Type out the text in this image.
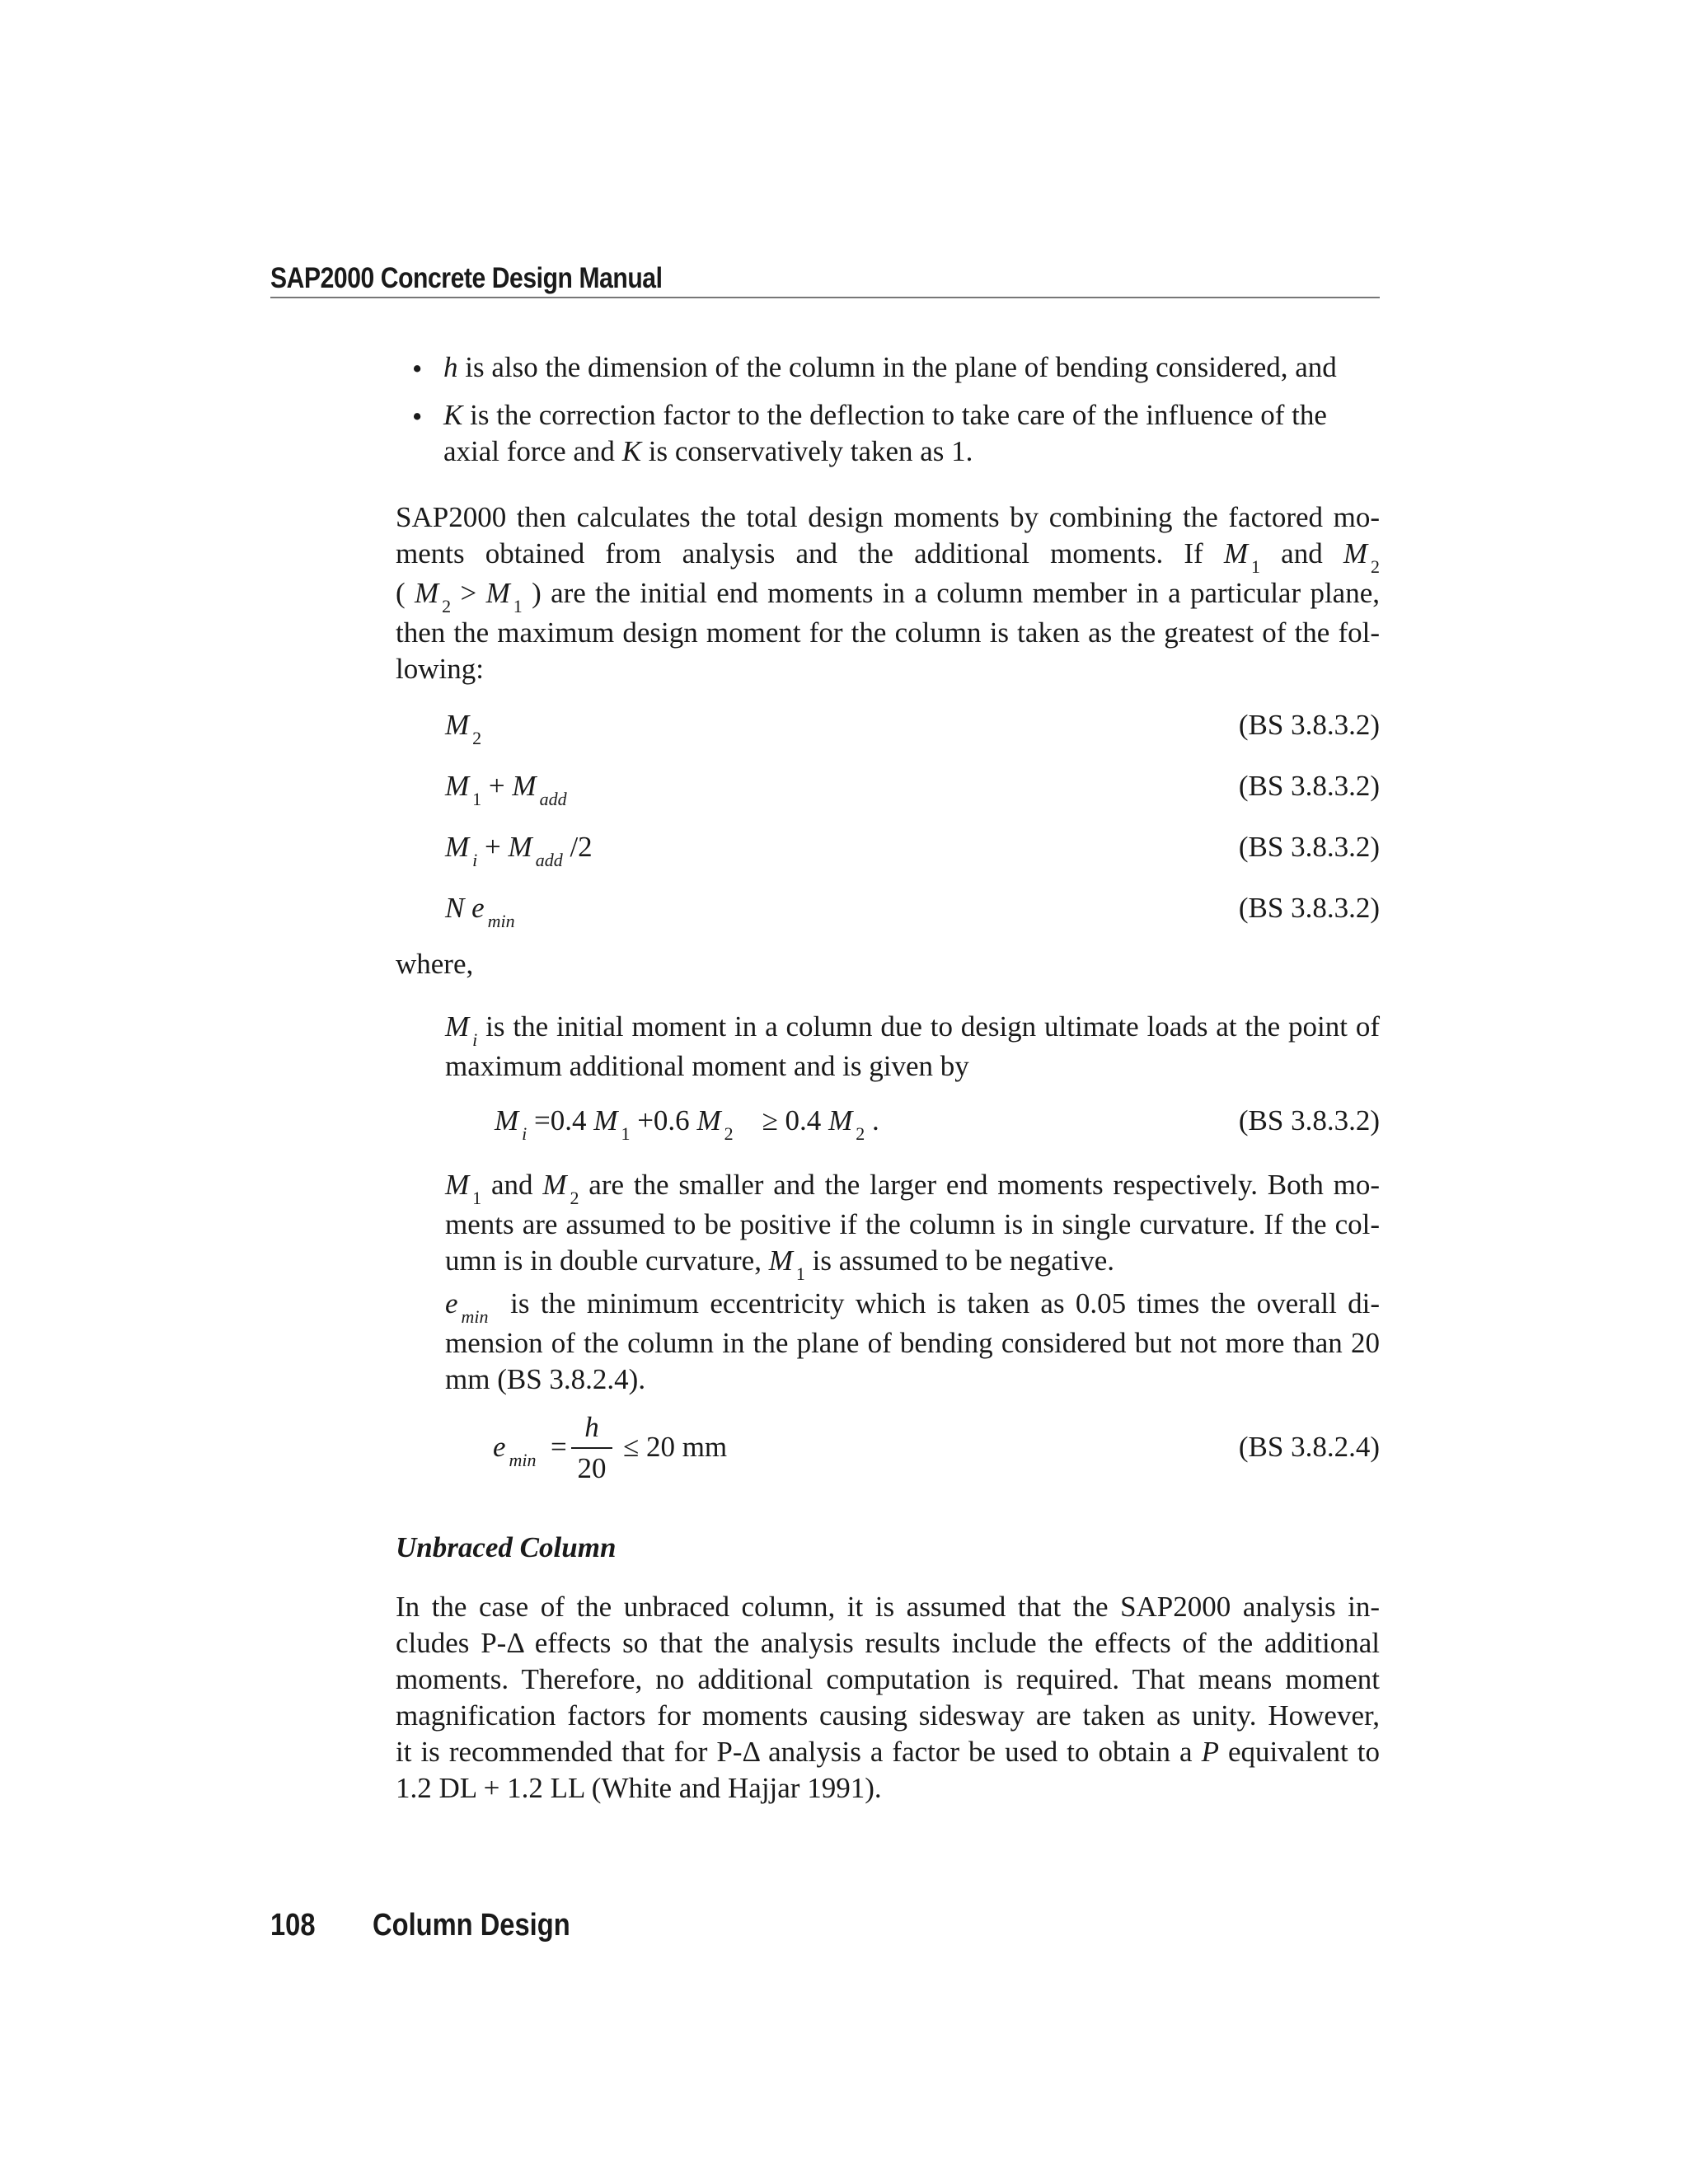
SAP2000 Concrete Design Manual
• h is also the dimension of the column in the plane of bending considered, and
• K is the correction factor to the deflection to take care of the influence of the
axial force and K is conservatively taken as 1.
SAP2000 then calculates the total design moments by combining the factored mo-
ments obtained from analysis and the additional moments. If M $_1$ and M $_2$
( M $_2$ > M $_1$ ) are the initial end moments in a column member in a particular plane,
then the maximum design moment for the column is taken as the greatest of the fol-
lowing:
M $_2$	(BS 3.8.3.2)
M $_1$ + M $_{add}$	(BS 3.8.3.2)
M $_i$ + M $_{add}$ /2	(BS 3.8.3.2)
N e $_{min}$	(BS 3.8.3.2)
where,
M $_i$ is the initial moment in a column due to design ultimate loads at the point of
maximum additional moment and is given by
M $_i$ =0.4 M $_1$ +0.6 M $_2$ ≥ 0.4 M $_2$ .	(BS 3.8.3.2)
M $_1$ and M $_2$ are the smaller and the larger end moments respectively. Both mo-
ments are assumed to be positive if the column is in single curvature. If the col-
umn is in double curvature, M $_1$ is assumed to be negative.
e $_{min}$ is the minimum eccentricity which is taken as 0.05 times the overall di-
mension of the column in the plane of bending considered but not more than 20
mm (BS 3.8.2.4).
e $_{min}$  =
h
20
≤ 20 mm	(BS 3.8.2.4)
Unbraced Column
In the case of the unbraced column, it is assumed that the SAP2000 analysis in-
cludes P-Δ effects so that the analysis results include the effects of the additional
moments. Therefore, no additional computation is required. That means moment
magnification factors for moments causing sidesway are taken as unity. However,
it is recommended that for P-Δ analysis a factor be used to obtain a P equivalent to
1.2 DL + 1.2 LL (White and Hajjar 1991).
108 Column Design
